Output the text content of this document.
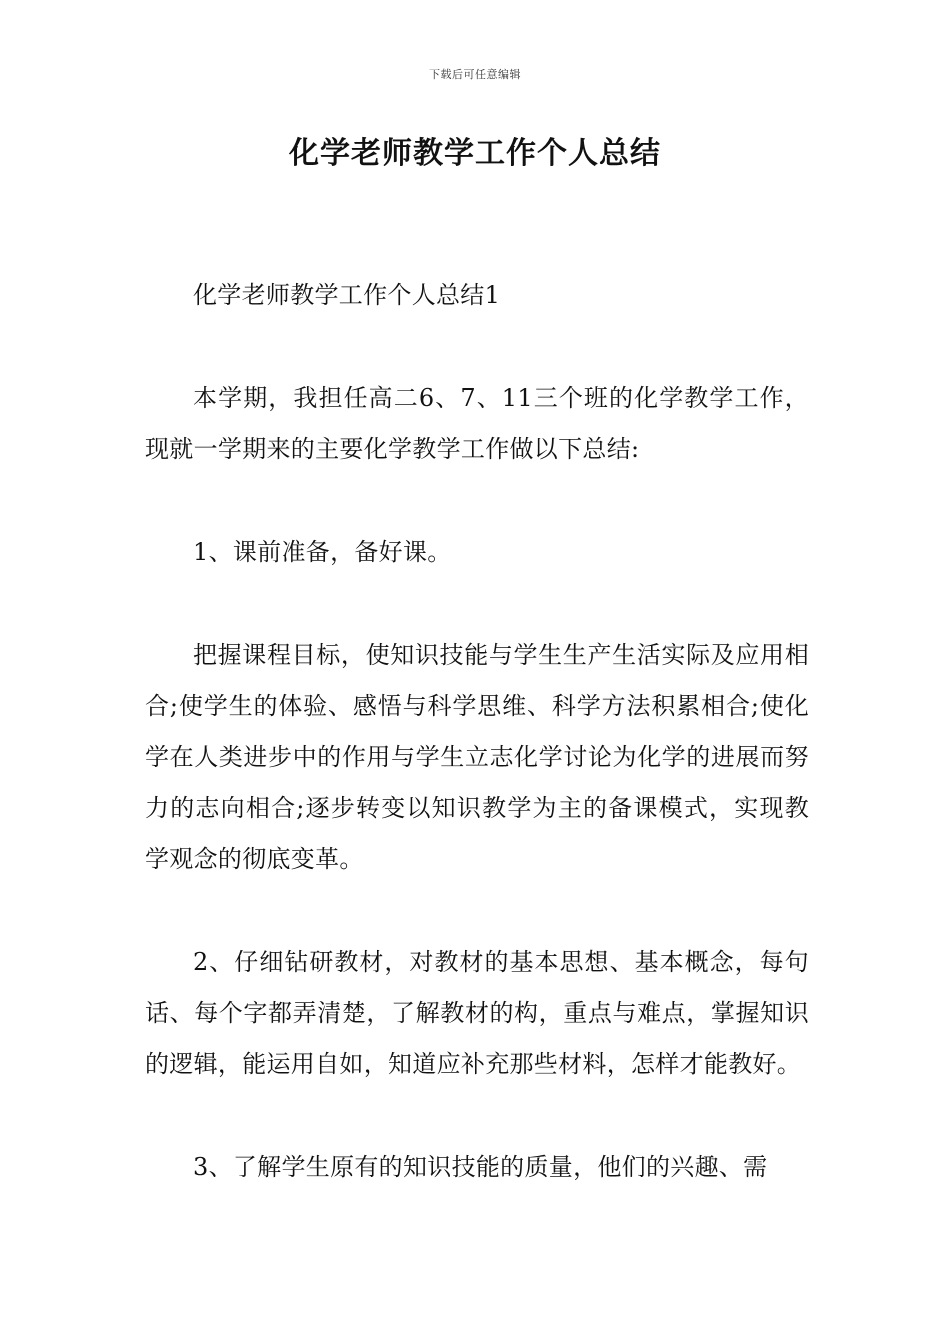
下载后可任意编辑
化学老师教学工作个人总结

化学老师教学工作个人总结1

本学期，我担任高二6、7、11三个班的化学教学工作，现就一学期来的主要化学教学工作做以下总结:

1、课前准备，备好课。

把握课程目标，使知识技能与学生生产生活实际及应用相合;使学生的体验、感悟与科学思维、科学方法积累相合;使化学在人类进步中的作用与学生立志化学讨论为化学的进展而努力的志向相合;逐步转变以知识教学为主的备课模式，实现教学观念的彻底变革。

2、仔细钻研教材，对教材的基本思想、基本概念，每句话、每个字都弄清楚，了解教材的构，重点与难点，掌握知识的逻辑，能运用自如，知道应补充那些材料，怎样才能教好。

3、了解学生原有的知识技能的质量，他们的兴趣、需
